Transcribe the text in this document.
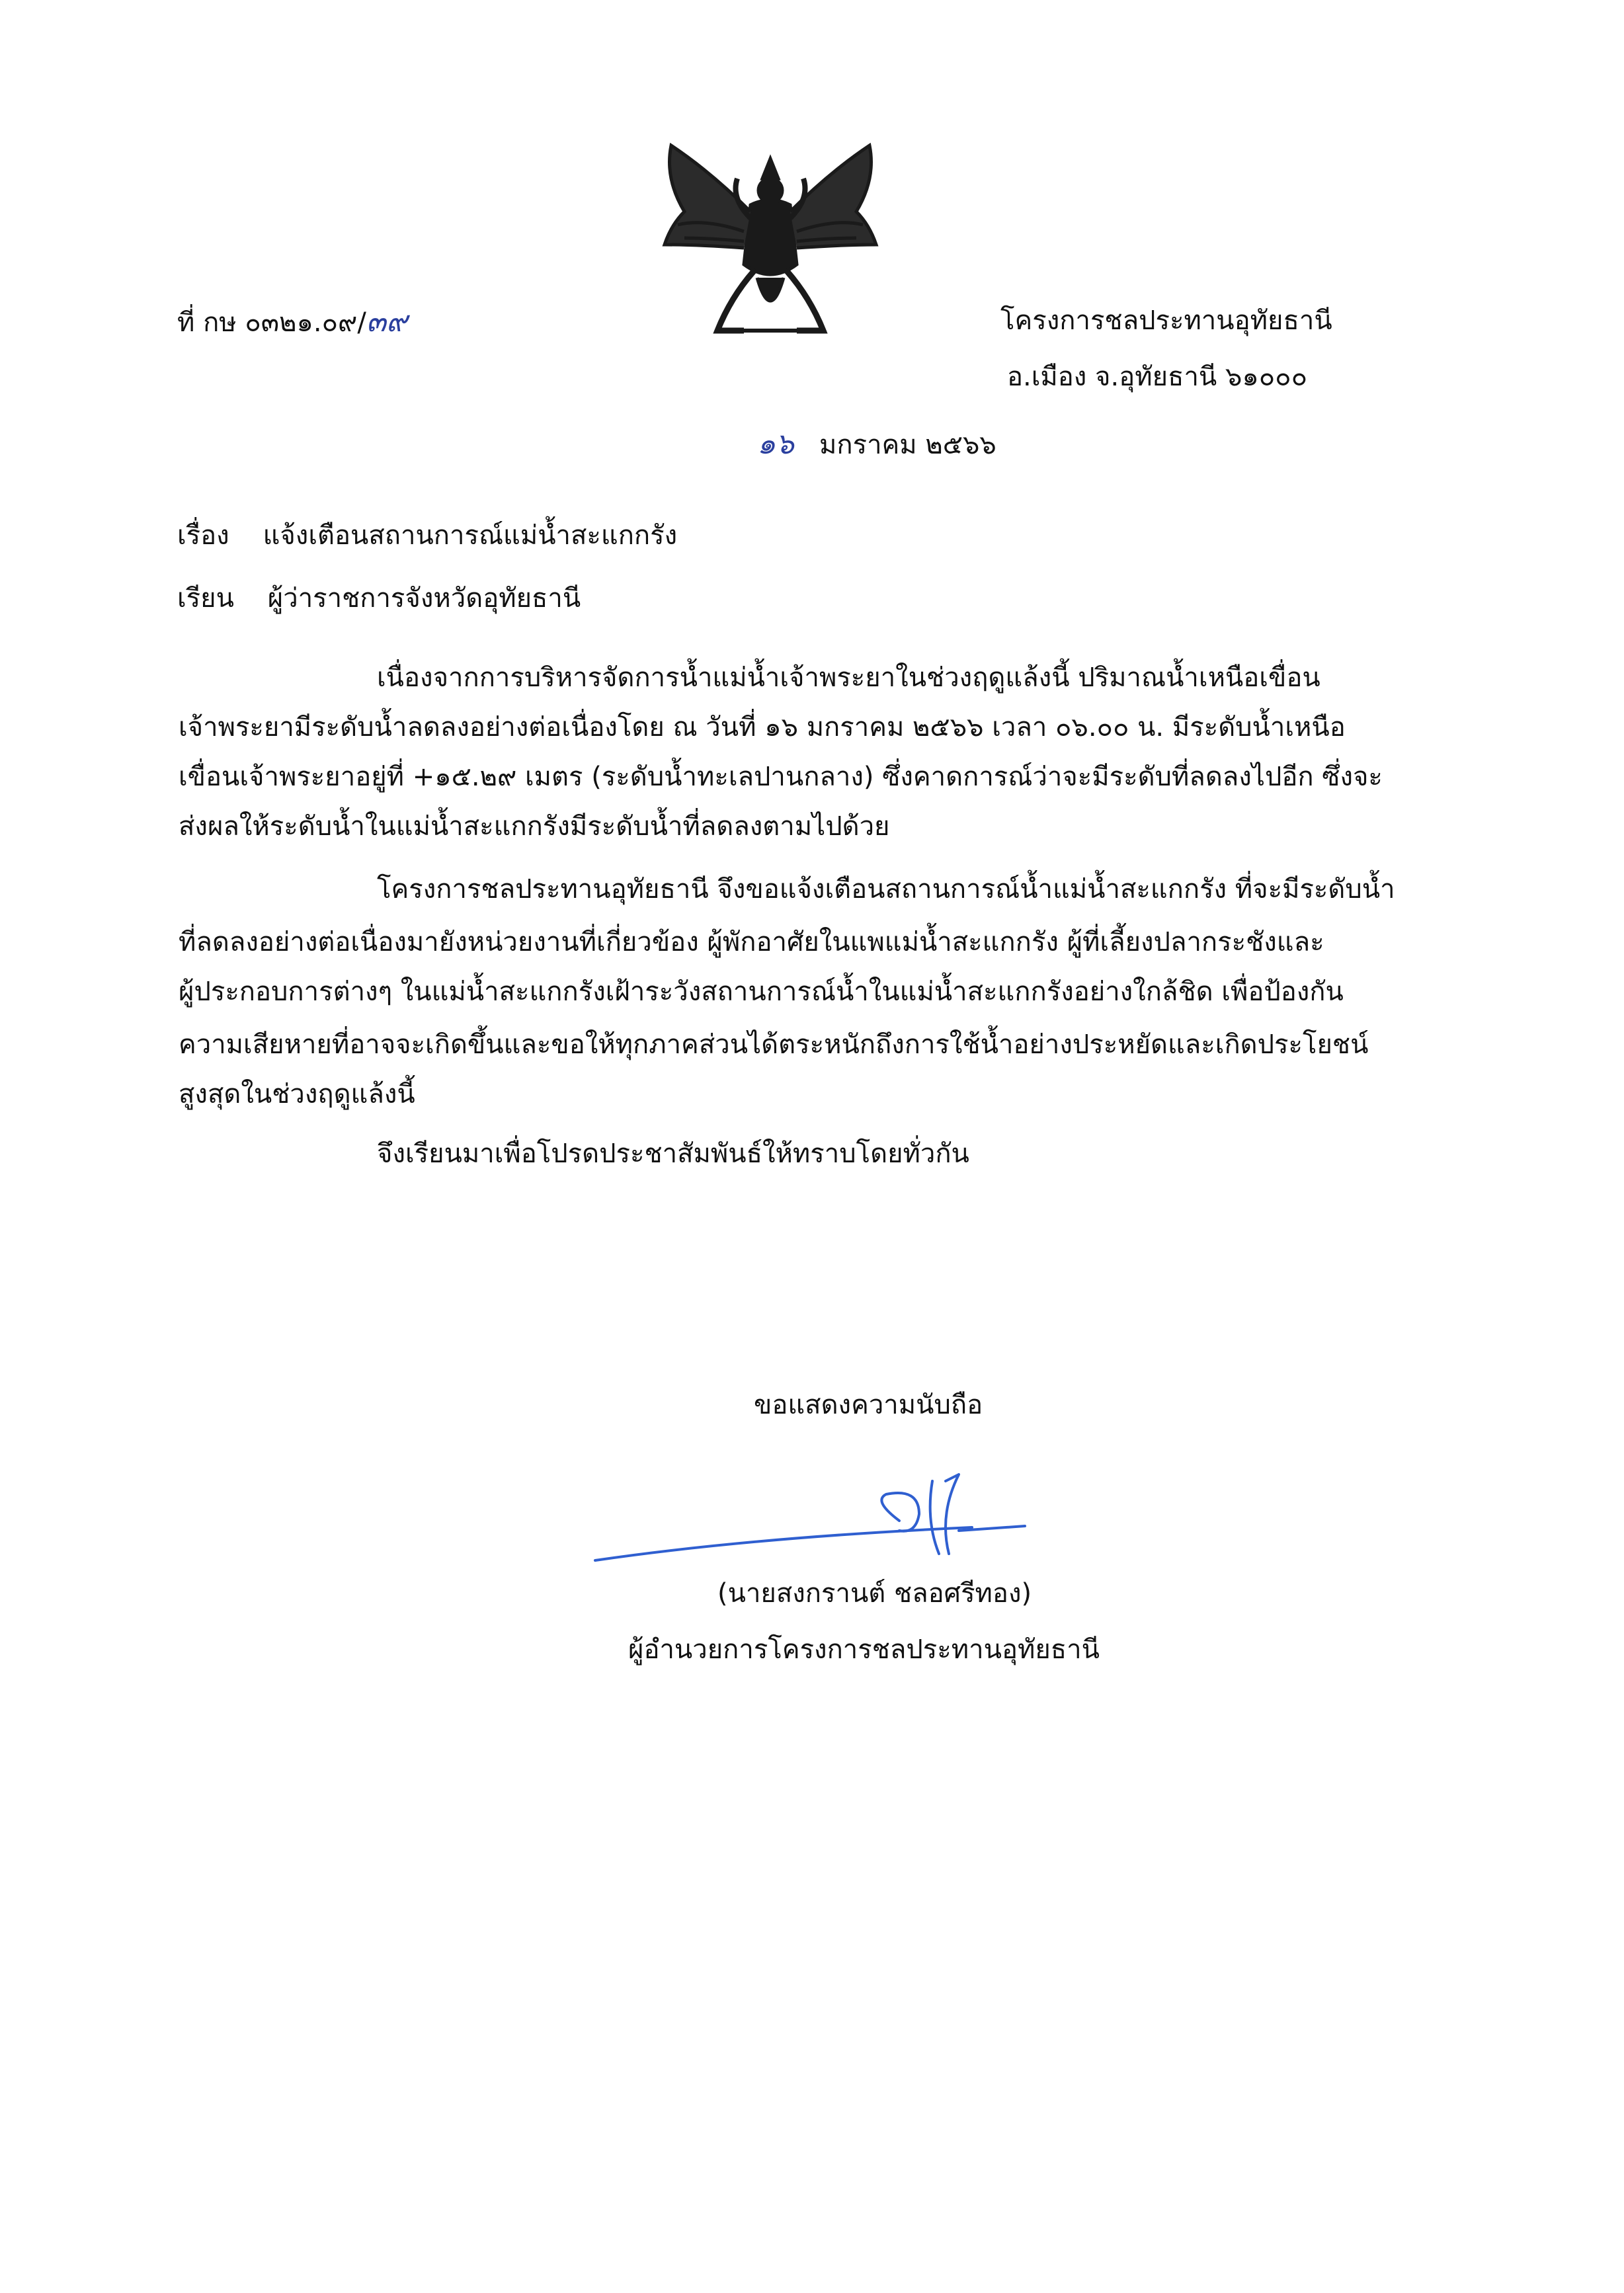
ที่ กษ ๐๓๒๑.๐๙/๓๙	โครงการชลประทานอุทัยธานี
อ.เมือง จ.อุทัยธานี ๖๑๐๐๐
๑๖ มกราคม ๒๕๖๖
เรื่อง แจ้งเตือนสถานการณ์แม่น้ำสะแกกรัง
เรียน ผู้ว่าราชการจังหวัดอุทัยธานี
เนื่องจากการบริหารจัดการน้ำแม่น้ำเจ้าพระยาในช่วงฤดูแล้งนี้ ปริมาณน้ำเหนือเขื่อน
เจ้าพระยามีระดับน้ำลดลงอย่างต่อเนื่องโดย ณ วันที่ ๑๖ มกราคม ๒๕๖๖ เวลา ๐๖.๐๐ น. มีระดับน้ำเหนือ
เขื่อนเจ้าพระยาอยู่ที่ +๑๕.๒๙ เมตร (ระดับน้ำทะเลปานกลาง) ซึ่งคาดการณ์ว่าจะมีระดับที่ลดลงไปอีก ซึ่งจะ
ส่งผลให้ระดับน้ำในแม่น้ำสะแกกรังมีระดับน้ำที่ลดลงตามไปด้วย
โครงการชลประทานอุทัยธานี จึงขอแจ้งเตือนสถานการณ์น้ำแม่น้ำสะแกกรัง ที่จะมีระดับน้ำ
ที่ลดลงอย่างต่อเนื่องมายังหน่วยงานที่เกี่ยวข้อง ผู้พักอาศัยในแพแม่น้ำสะแกกรัง ผู้ที่เลี้ยงปลากระชังและ
ผู้ประกอบการต่างๆ ในแม่น้ำสะแกกรังเฝ้าระวังสถานการณ์น้ำในแม่น้ำสะแกกรังอย่างใกล้ชิด เพื่อป้องกัน
ความเสียหายที่อาจจะเกิดขึ้นและขอให้ทุกภาคส่วนได้ตระหนักถึงการใช้น้ำอย่างประหยัดและเกิดประโยชน์
สูงสุดในช่วงฤดูแล้งนี้
จึงเรียนมาเพื่อโปรดประชาสัมพันธ์ให้ทราบโดยทั่วกัน
ขอแสดงความนับถือ
(นายสงกรานต์ ชลอศรีทอง)
ผู้อำนวยการโครงการชลประทานอุทัยธานี
